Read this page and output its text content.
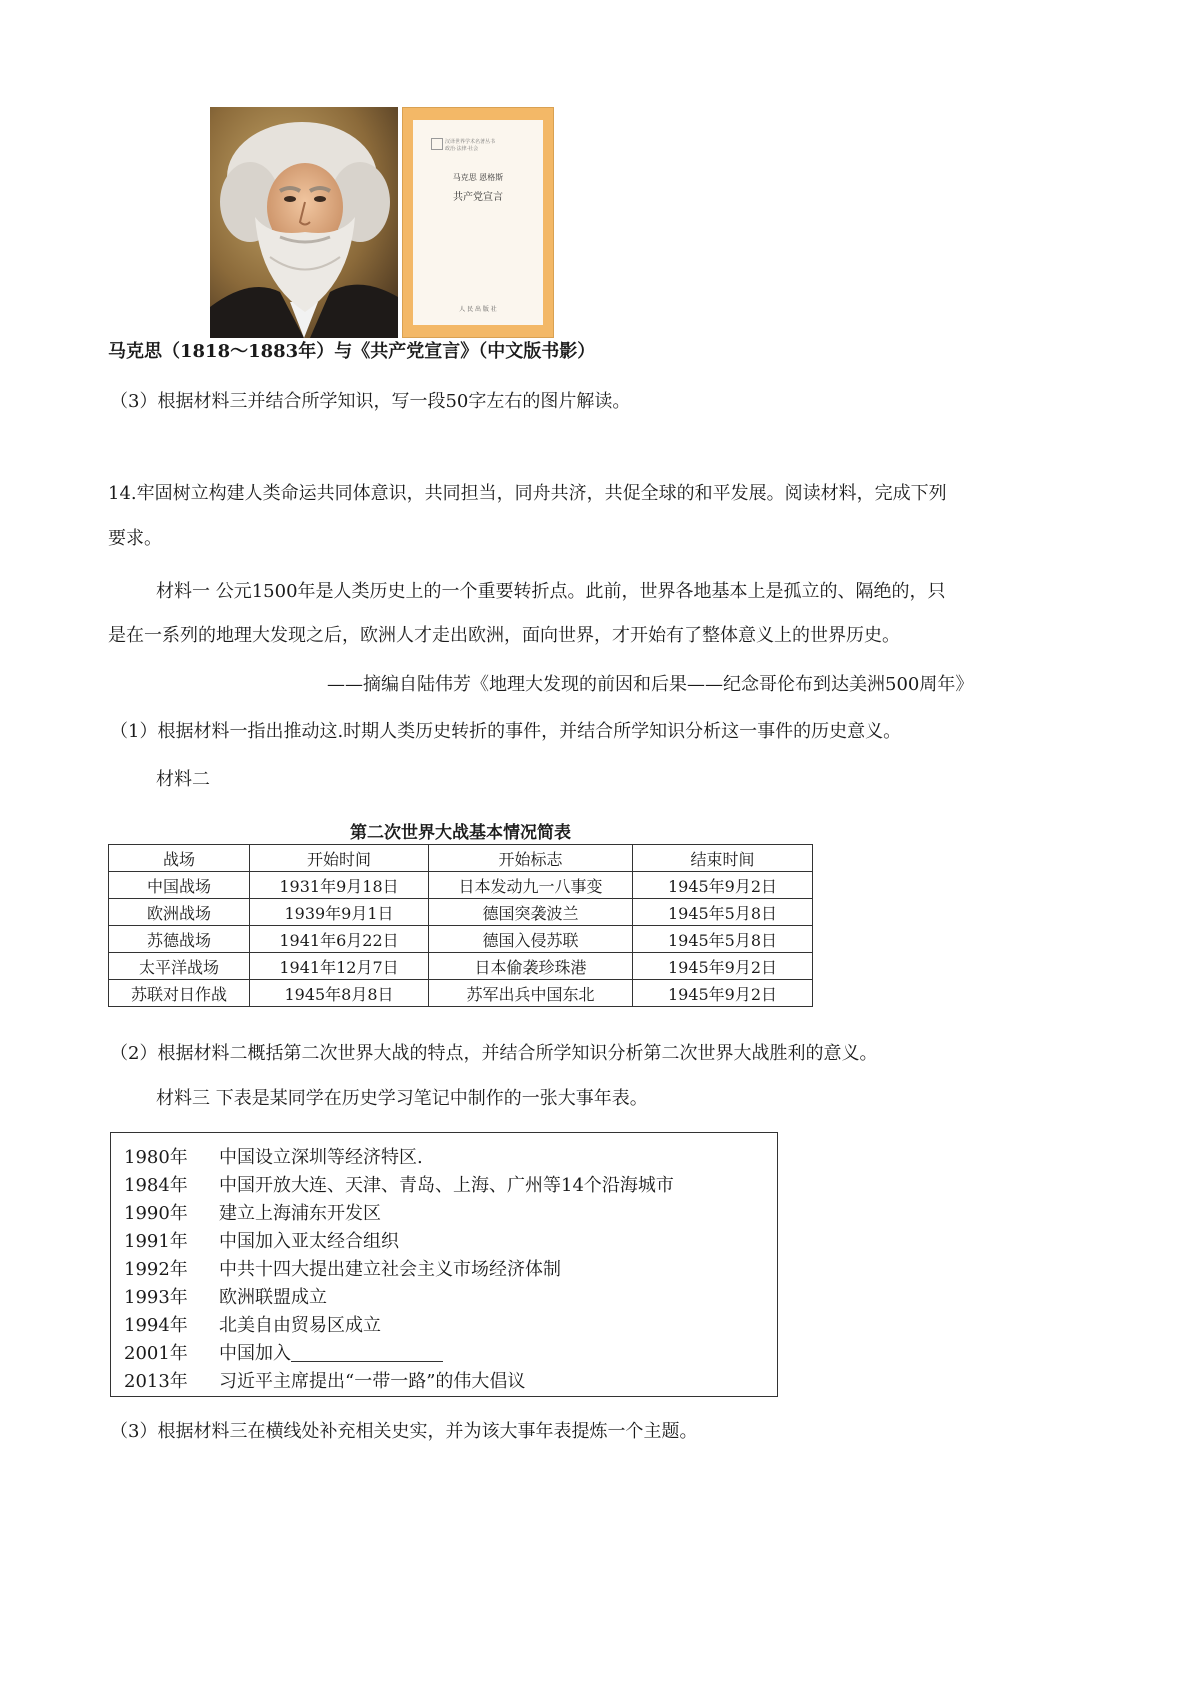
汉译世界学术名著丛书
政治·法律·社会
马克思 恩格斯
共产党宣言
人 民 出 版 社
马克思（1818～1883年）与《共产党宣言》（中文版书影）
（3）根据材料三并结合所学知识，写一段50字左右的图片解读。
14.牢固树立构建人类命运共同体意识，共同担当，同舟共济，共促全球的和平发展。阅读材料，完成下列
要求。
材料一 公元1500年是人类历史上的一个重要转折点。此前，世界各地基本上是孤立的、隔绝的，只
是在一系列的地理大发现之后，欧洲人才走出欧洲，面向世界，才开始有了整体意义上的世界历史。
——摘编自陆伟芳《地理大发现的前因和后果——纪念哥伦布到达美洲500周年》
（1）根据材料一指出推动这.时期人类历史转折的事件，并结合所学知识分析这一事件的历史意义。
材料二
第二次世界大战基本情况简表
战场	开始时间	开始标志	结束时间
中国战场	1931年9月18日	日本发动九一八事变	1945年9月2日
欧洲战场	1939年9月1日	德国突袭波兰	1945年5月8日
苏德战场	1941年6月22日	德国入侵苏联	1945年5月8日
太平洋战场	1941年12月7日	日本偷袭珍珠港	1945年9月2日
苏联对日作战	1945年8月8日	苏军出兵中国东北	1945年9月2日
（2）根据材料二概括第二次世界大战的特点，并结合所学知识分析第二次世界大战胜利的意义。
材料三 下表是某同学在历史学习笔记中制作的一张大事年表。
1980年 中国设立深圳等经济特区.
1984年 中国开放大连、天津、青岛、上海、广州等14个沿海城市
1990年 建立上海浦东开发区
1991年 中国加入亚太经合组织
1992年 中共十四大提出建立社会主义市场经济体制
1993年 欧洲联盟成立
1994年 北美自由贸易区成立
2001年 中国加入
2013年 习近平主席提出“一带一路”的伟大倡议
（3）根据材料三在横线处补充相关史实，并为该大事年表提炼一个主题。
